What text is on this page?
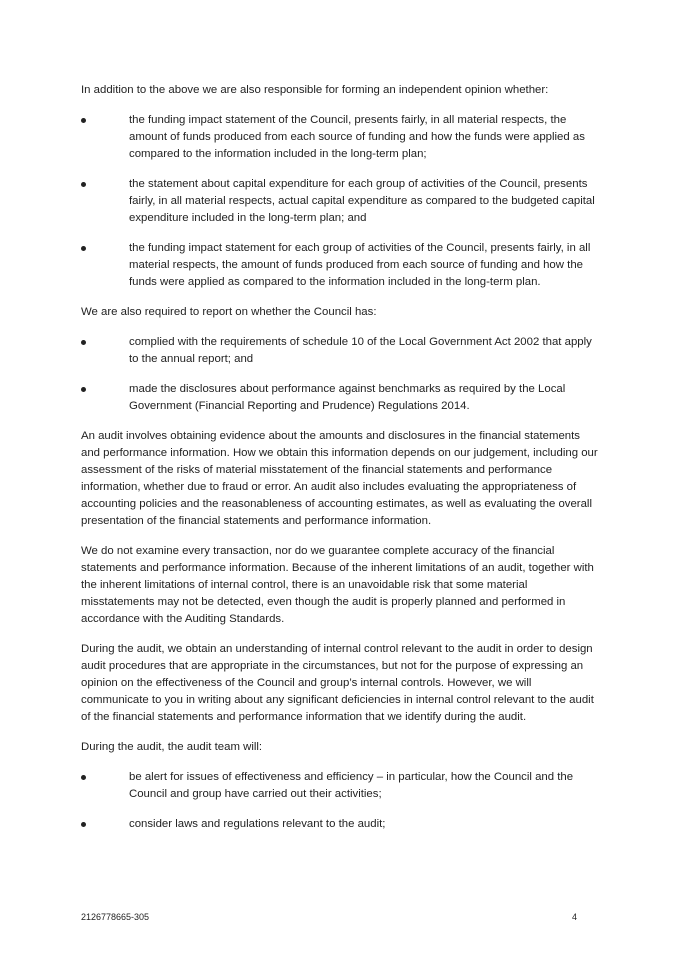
In addition to the above we are also responsible for forming an independent opinion whether:

the funding impact statement of the Council, presents fairly, in all material respects, the amount of funds produced from each source of funding and how the funds were applied as compared to the information included in the long-term plan;
the statement about capital expenditure for each group of activities of the Council, presents fairly, in all material respects, actual capital expenditure as compared to the budgeted capital expenditure included in the long-term plan; and
the funding impact statement for each group of activities of the Council, presents fairly, in all material respects, the amount of funds produced from each source of funding and how the funds were applied as compared to the information included in the long-term plan.

We are also required to report on whether the Council has:

complied with the requirements of schedule 10 of the Local Government Act 2002 that apply to the annual report; and
made the disclosures about performance against benchmarks as required by the Local Government (Financial Reporting and Prudence) Regulations 2014.

An audit involves obtaining evidence about the amounts and disclosures in the financial statements and performance information. How we obtain this information depends on our judgement, including our assessment of the risks of material misstatement of the financial statements and performance information, whether due to fraud or error. An audit also includes evaluating the appropriateness of accounting policies and the reasonableness of accounting estimates, as well as evaluating the overall presentation of the financial statements and performance information.

We do not examine every transaction, nor do we guarantee complete accuracy of the financial statements and performance information. Because of the inherent limitations of an audit, together with the inherent limitations of internal control, there is an unavoidable risk that some material misstatements may not be detected, even though the audit is properly planned and performed in accordance with the Auditing Standards.

During the audit, we obtain an understanding of internal control relevant to the audit in order to design audit procedures that are appropriate in the circumstances, but not for the purpose of expressing an opinion on the effectiveness of the Council and group’s internal controls. However, we will communicate to you in writing about any significant deficiencies in internal control relevant to the audit of the financial statements and performance information that we identify during the audit.

During the audit, the audit team will:

be alert for issues of effectiveness and efficiency – in particular, how the Council and the Council and group have carried out their activities;
consider laws and regulations relevant to the audit;
2126778665-305	4
